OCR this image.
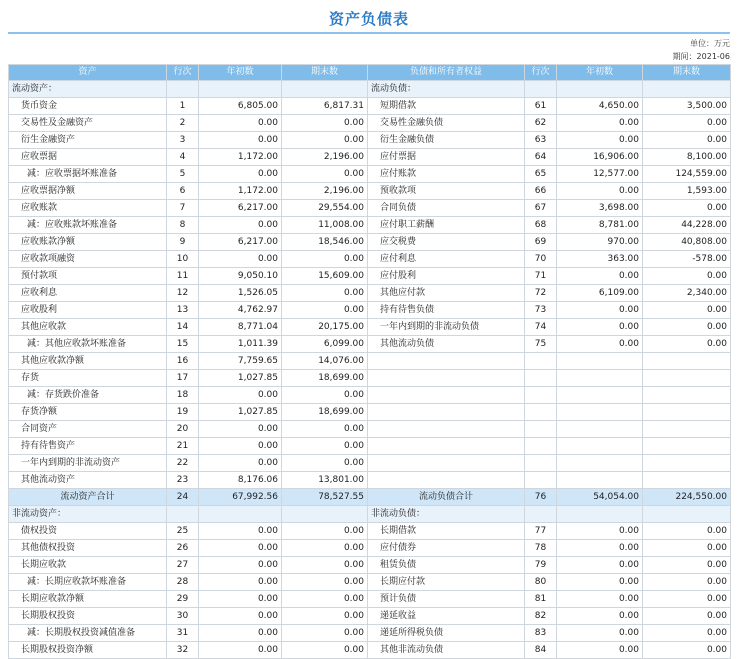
资产负债表
单位：万元
期间：2021-06
资产	行次	年初数	期末数	负债和所有者权益	行次	年初数	期末数
流动资产：				流动负债：			
货币资金	1	6,805.00	6,817.31	短期借款	61	4,650.00	3,500.00
交易性及金融资产	2	0.00	0.00	交易性金融负债	62	0.00	0.00
衍生金融资产	3	0.00	0.00	衍生金融负债	63	0.00	0.00
应收票据	4	1,172.00	2,196.00	应付票据	64	16,906.00	8,100.00
减：应收票据坏账准备	5	0.00	0.00	应付账款	65	12,577.00	124,559.00
应收票据净额	6	1,172.00	2,196.00	预收款项	66	0.00	1,593.00
应收账款	7	6,217.00	29,554.00	合同负债	67	3,698.00	0.00
减：应收账款坏账准备	8	0.00	11,008.00	应付职工薪酬	68	8,781.00	44,228.00
应收账款净额	9	6,217.00	18,546.00	应交税费	69	970.00	40,808.00
应收款项融资	10	0.00	0.00	应付利息	70	363.00	-578.00
预付款项	11	9,050.10	15,609.00	应付股利	71	0.00	0.00
应收利息	12	1,526.05	0.00	其他应付款	72	6,109.00	2,340.00
应收股利	13	4,762.97	0.00	持有待售负债	73	0.00	0.00
其他应收款	14	8,771.04	20,175.00	一年内到期的非流动负债	74	0.00	0.00
减：其他应收款坏账准备	15	1,011.39	6,099.00	其他流动负债	75	0.00	0.00
其他应收款净额	16	7,759.65	14,076.00				
存货	17	1,027.85	18,699.00				
减：存货跌价准备	18	0.00	0.00				
存货净额	19	1,027.85	18,699.00				
合同资产	20	0.00	0.00				
持有待售资产	21	0.00	0.00				
一年内到期的非流动资产	22	0.00	0.00				
其他流动资产	23	8,176.06	13,801.00				
流动资产合计	24	67,992.56	78,527.55	流动负债合计	76	54,054.00	224,550.00
非流动资产：				非流动负债：			
债权投资	25	0.00	0.00	长期借款	77	0.00	0.00
其他债权投资	26	0.00	0.00	应付债券	78	0.00	0.00
长期应收款	27	0.00	0.00	租赁负债	79	0.00	0.00
减：长期应收款坏账准备	28	0.00	0.00	长期应付款	80	0.00	0.00
长期应收款净额	29	0.00	0.00	预计负债	81	0.00	0.00
长期股权投资	30	0.00	0.00	递延收益	82	0.00	0.00
减：长期股权投资减值准备	31	0.00	0.00	递延所得税负债	83	0.00	0.00
长期股权投资净额	32	0.00	0.00	其他非流动负债	84	0.00	0.00
